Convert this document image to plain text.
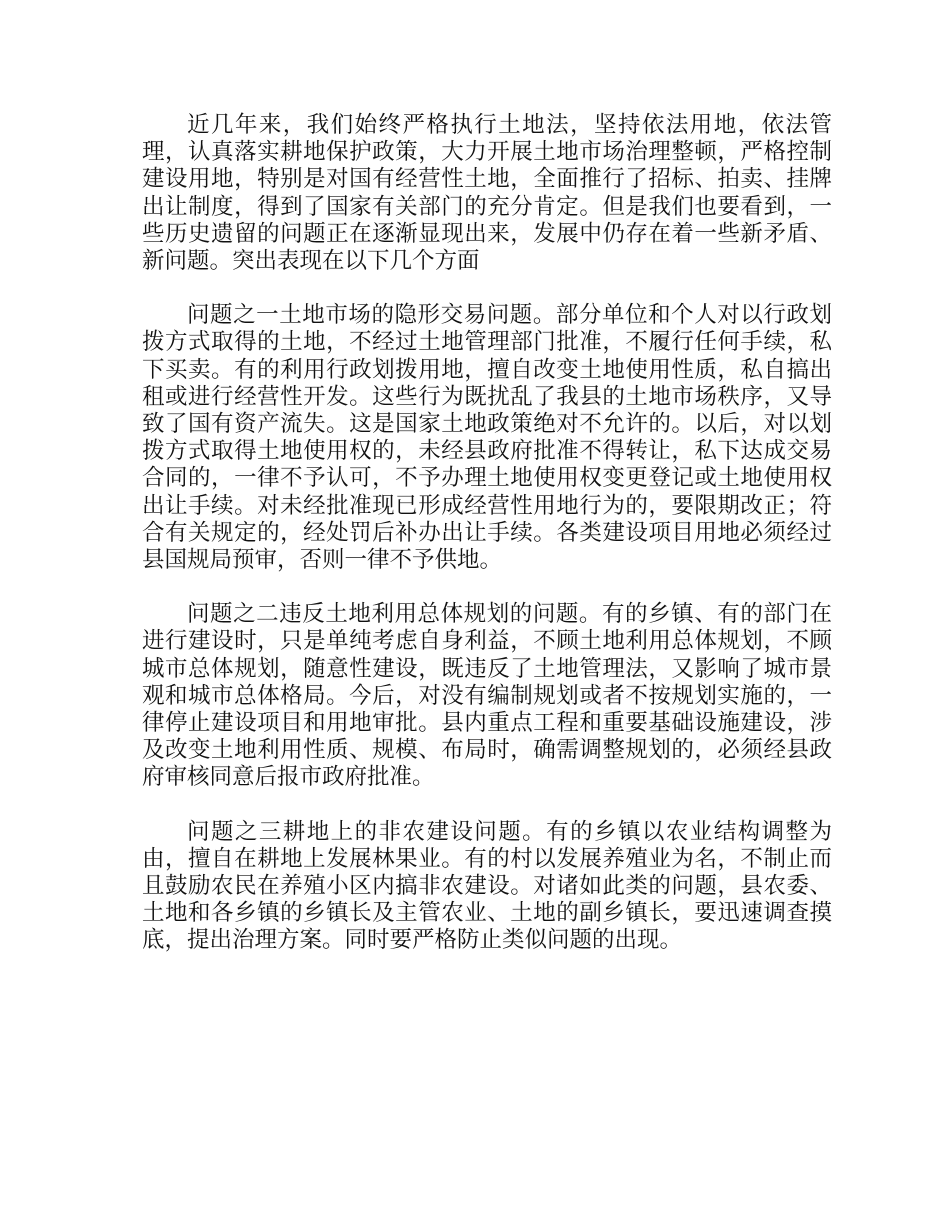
近几年来，我们始终严格执行土地法，坚持依法用地，依法管理，认真落实耕地保护政策，大力开展土地市场治理整顿，严格控制建设用地，特别是对国有经营性土地，全面推行了招标、拍卖、挂牌出让制度，得到了国家有关部门的充分肯定。但是我们也要看到，一些历史遗留的问题正在逐渐显现出来，发展中仍存在着一些新矛盾、新问题。突出表现在以下几个方面

问题之一土地市场的隐形交易问题。部分单位和个人对以行政划拨方式取得的土地，不经过土地管理部门批准，不履行任何手续，私下买卖。有的利用行政划拨用地，擅自改变土地使用性质，私自搞出租或进行经营性开发。这些行为既扰乱了我县的土地市场秩序，又导致了国有资产流失。这是国家土地政策绝对不允许的。以后，对以划拨方式取得土地使用权的，未经县政府批准不得转让，私下达成交易合同的，一律不予认可，不予办理土地使用权变更登记或土地使用权出让手续。对未经批准现已形成经营性用地行为的，要限期改正；符合有关规定的，经处罚后补办出让手续。各类建设项目用地必须经过县国规局预审，否则一律不予供地。

问题之二违反土地利用总体规划的问题。有的乡镇、有的部门在进行建设时，只是单纯考虑自身利益，不顾土地利用总体规划，不顾城市总体规划，随意性建设，既违反了土地管理法，又影响了城市景观和城市总体格局。今后，对没有编制规划或者不按规划实施的，一律停止建设项目和用地审批。县内重点工程和重要基础设施建设，涉及改变土地利用性质、规模、布局时，确需调整规划的，必须经县政府审核同意后报市政府批准。

问题之三耕地上的非农建设问题。有的乡镇以农业结构调整为由，擅自在耕地上发展林果业。有的村以发展养殖业为名，不制止而且鼓励农民在养殖小区内搞非农建设。对诸如此类的问题，县农委、土地和各乡镇的乡镇长及主管农业、土地的副乡镇长，要迅速调查摸底，提出治理方案。同时要严格防止类似问题的出现。
